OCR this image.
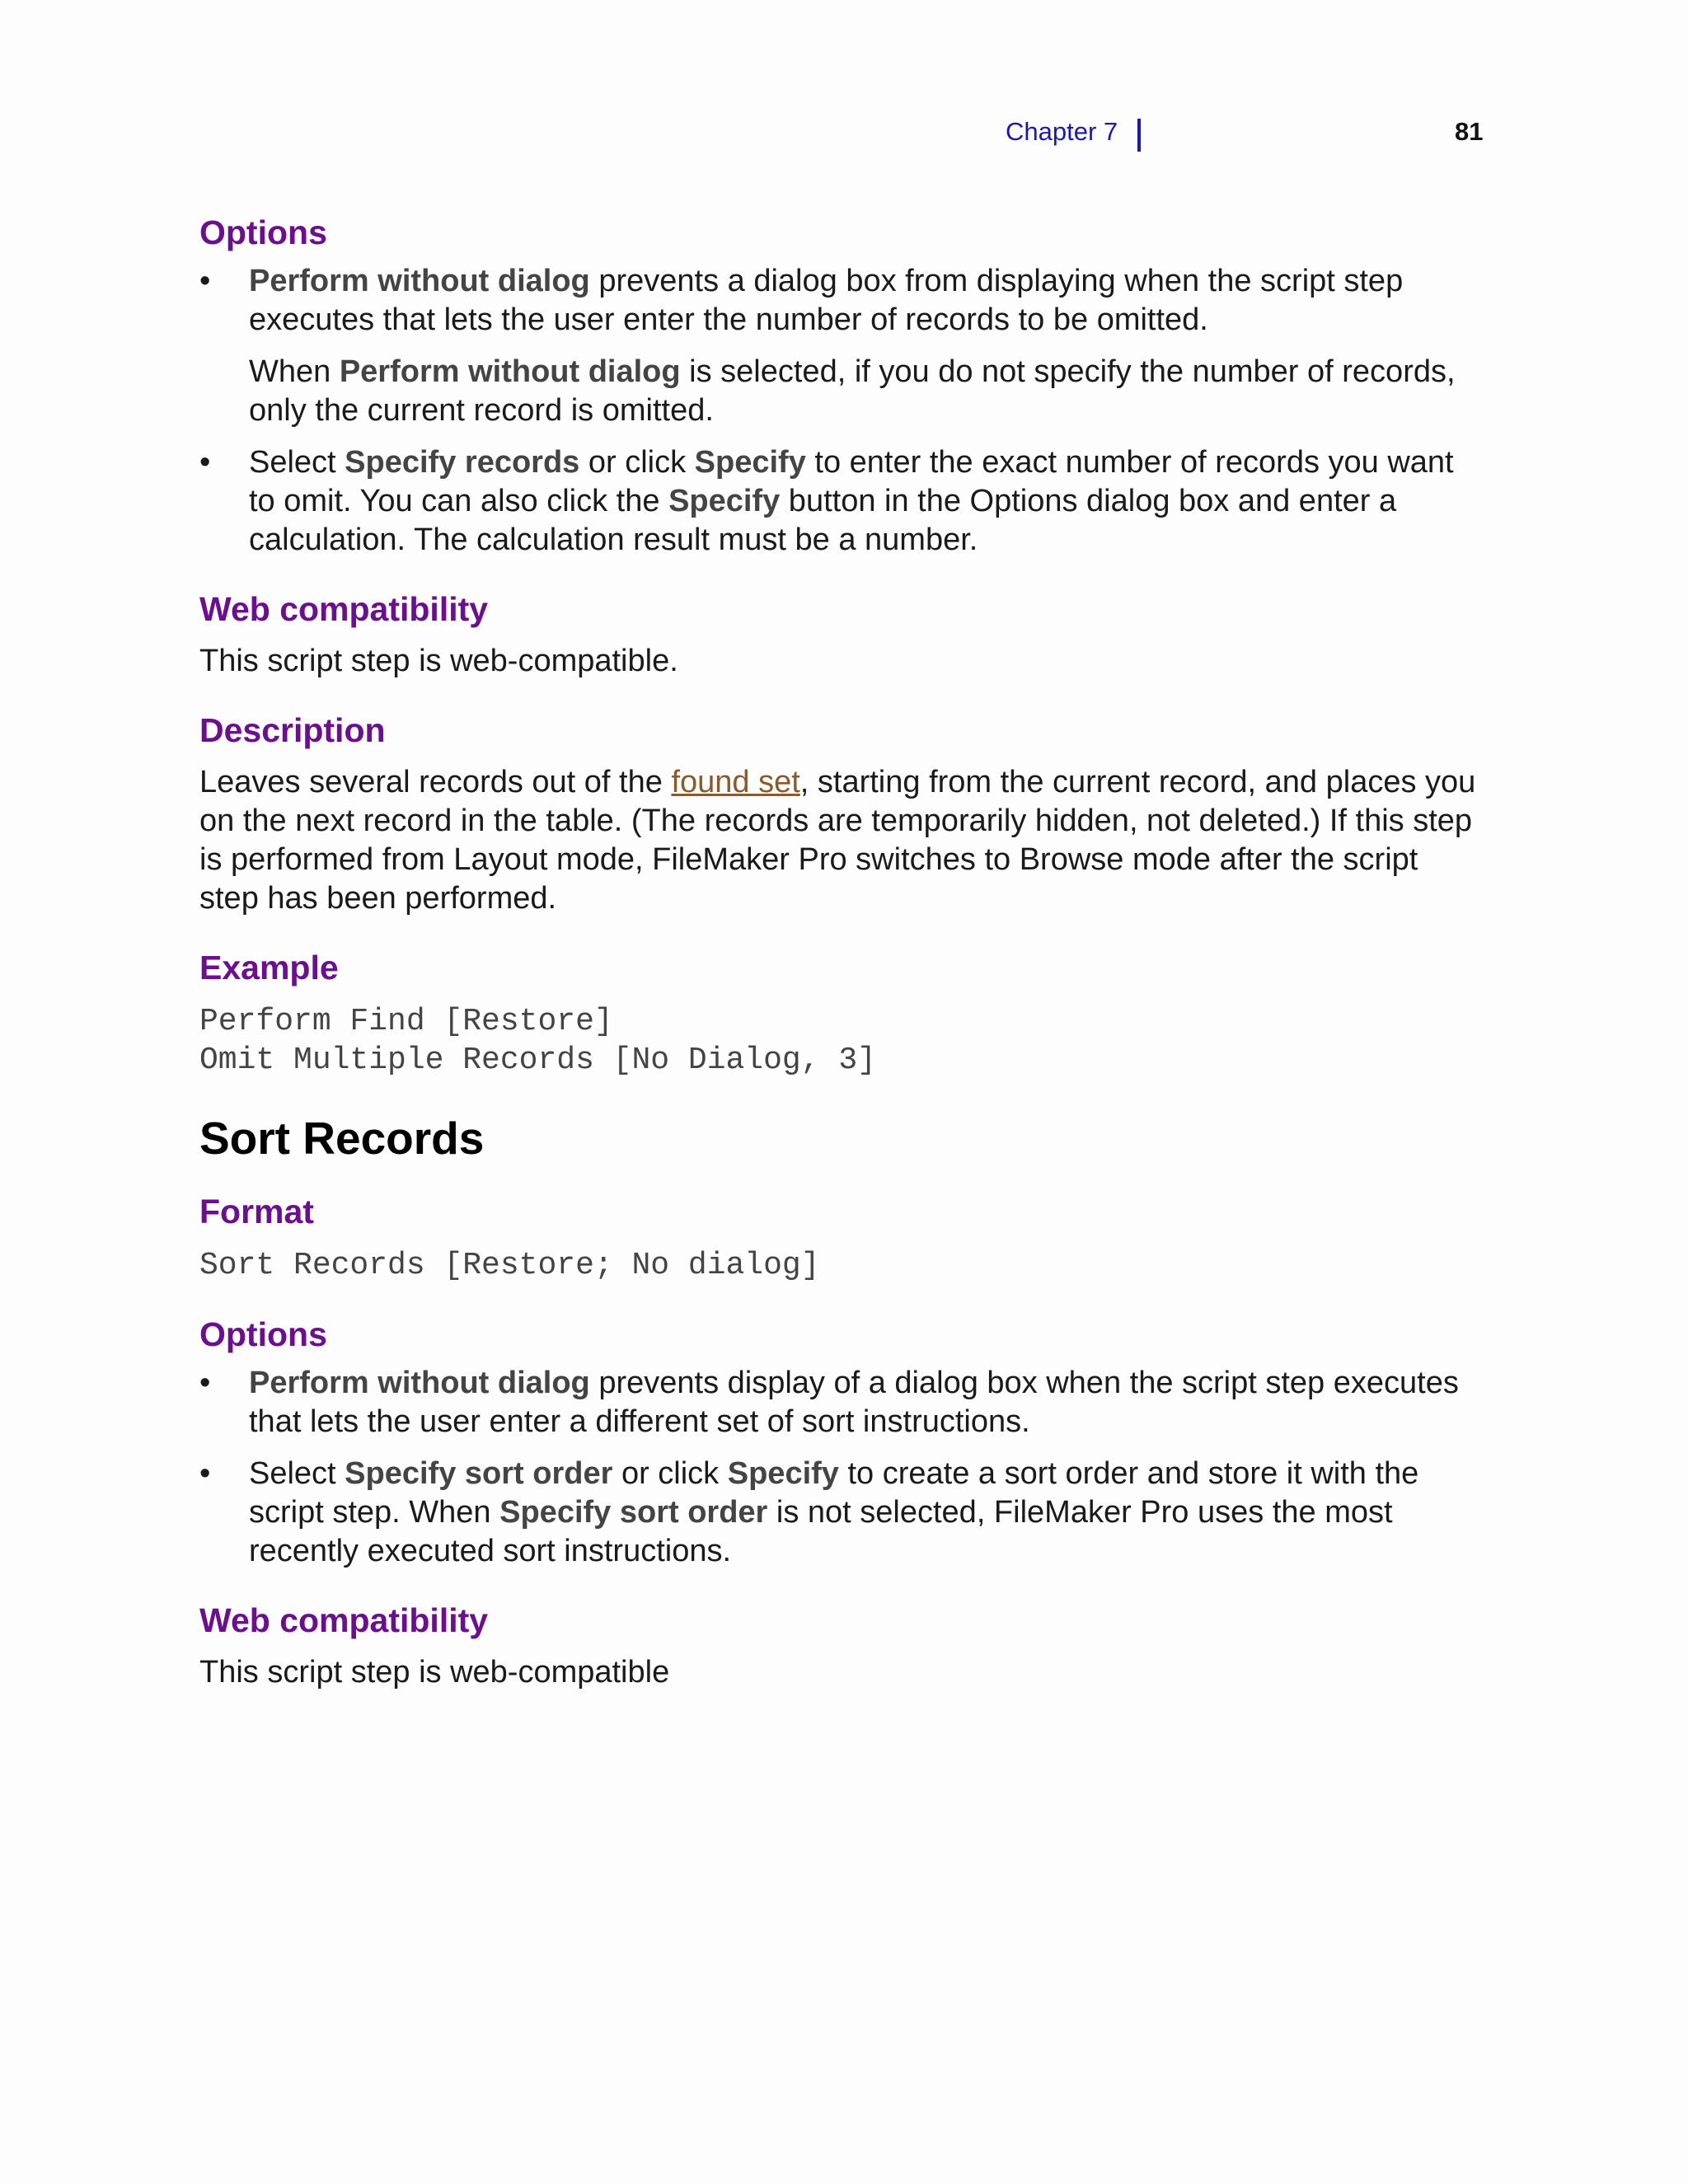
Chapter 7	81
Options
• Perform without dialog prevents a dialog box from displaying when the script step executes that lets the user enter the number of records to be omitted.

When Perform without dialog is selected, if you do not specify the number of records, only the current record is omitted.

• Select Specify records or click Specify to enter the exact number of records you want to omit. You can also click the Specify button in the Options dialog box and enter a calculation. The calculation result must be a number.

Web compatibility

This script step is web-compatible.

Description

Leaves several records out of the found set, starting from the current record, and places you on the next record in the table. (The records are temporarily hidden, not deleted.) If this step is performed from Layout mode, FileMaker Pro switches to Browse mode after the script step has been performed.

Example

Perform Find [Restore]

Omit Multiple Records [No Dialog, 3]

Sort Records
Format

Sort Records [Restore; No dialog]

Options
• Perform without dialog prevents display of a dialog box when the script step executes that lets the user enter a different set of sort instructions.

• Select Specify sort order or click Specify to create a sort order and store it with the script step. When Specify sort order is not selected, FileMaker Pro uses the most recently executed sort instructions.

Web compatibility

This script step is web-compatible
